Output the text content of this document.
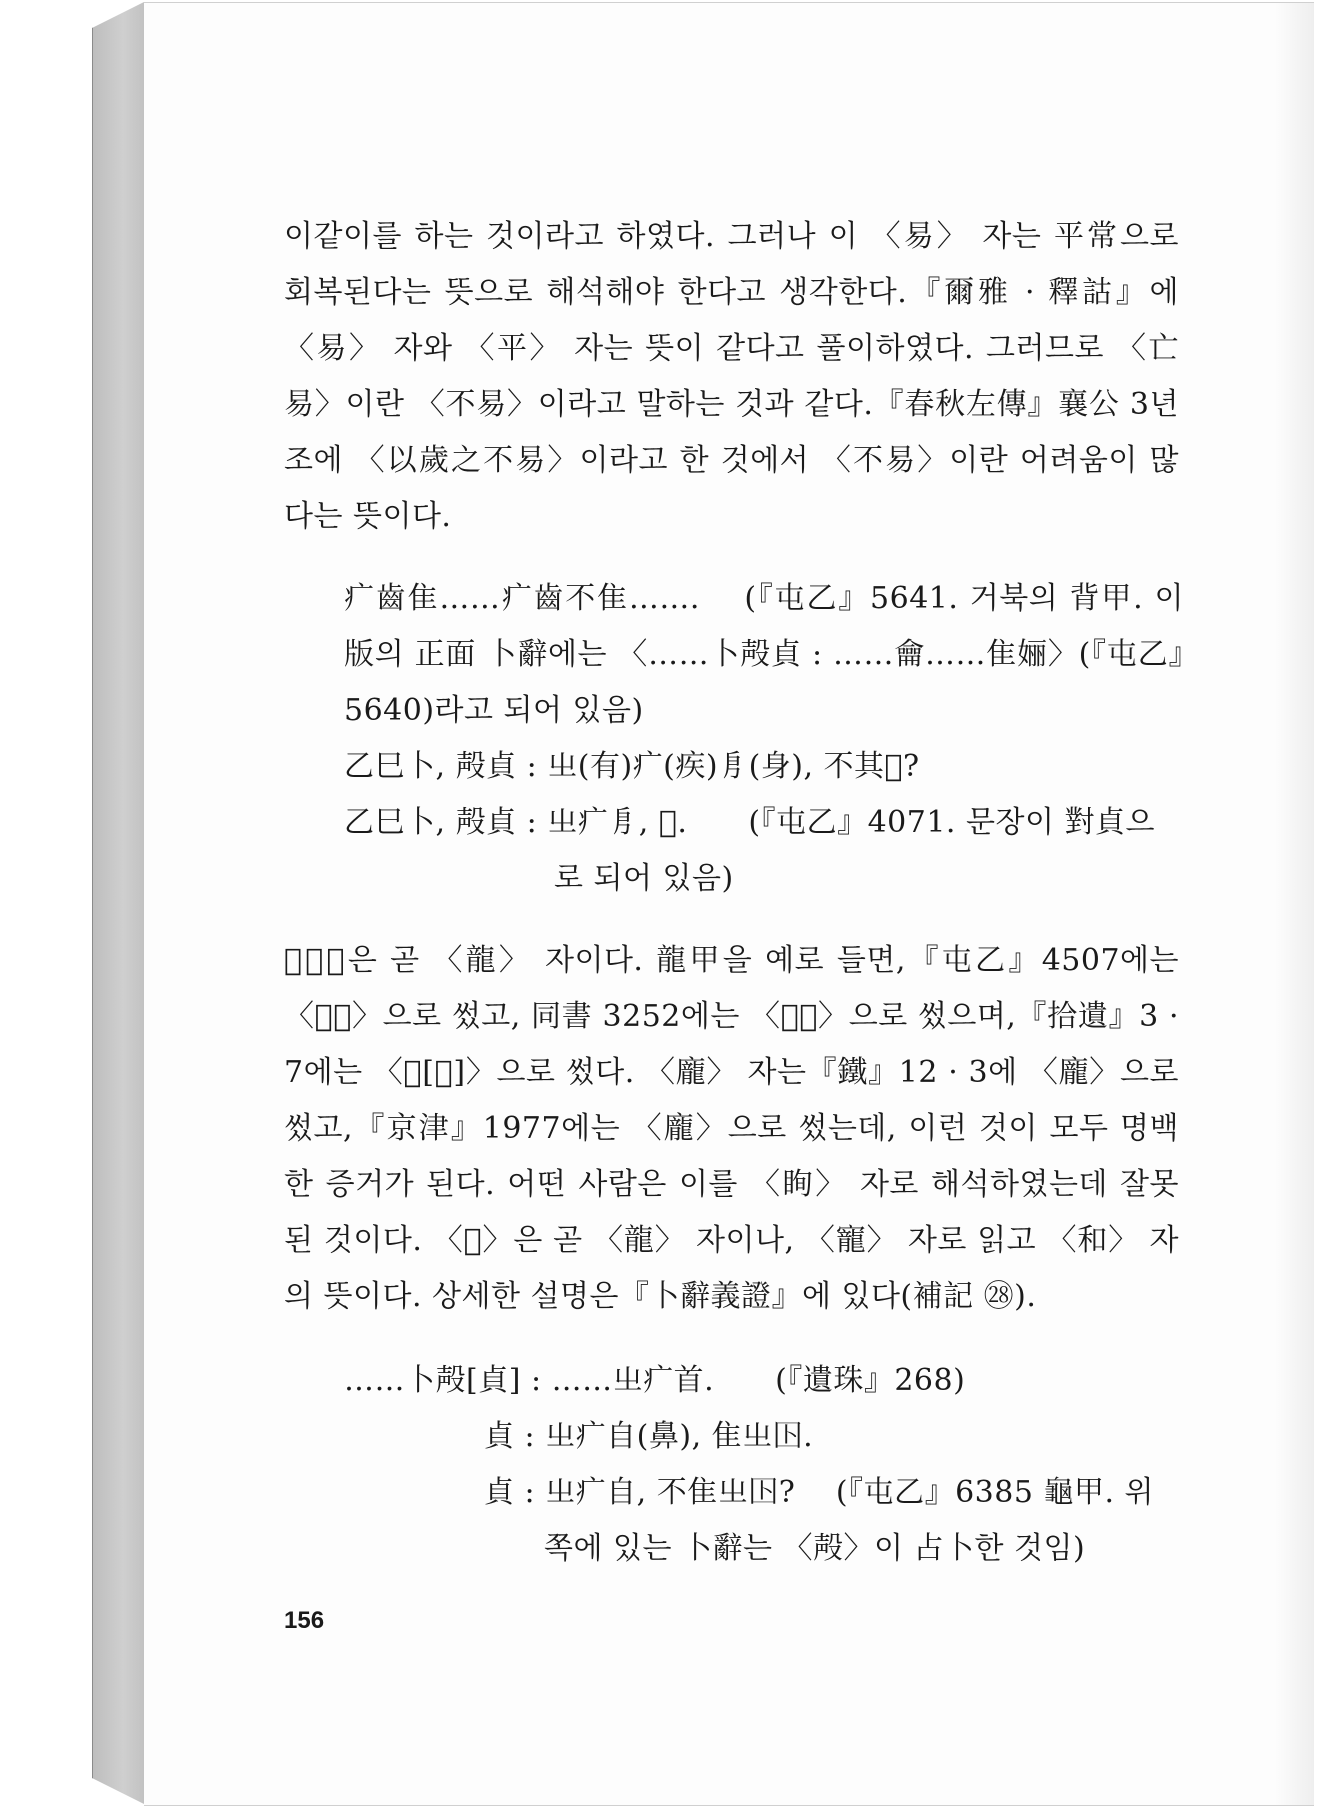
이같이를 하는 것이라고 하였다. 그러나 이 〈易〉 자는 平常으로 회복된다는 뜻으로 해석해야 한다고 생각한다.『爾雅 · 釋詁』에 〈易〉 자와 〈平〉 자는 뜻이 같다고 풀이하였다. 그러므로 〈亡易〉이란 〈不易〉이라고 말하는 것과 같다.『春秋左傳』襄公 3년 조에 〈以歲之不易〉이라고 한 것에서 〈不易〉이란 어려움이 많다는 뜻이다.

疒齒隹……疒齒不隹…….　 (『屯乙』5641. 거북의 背甲. 이 版의 正面 卜辭에는 〈……卜殸貞 : ……龠……隹㛤〉(『屯乙』5640)라고 되어 있음)

乙巳卜, 殸貞 : 㞢(有)疒(疾)㐆(身), 不其𪓝?

乙巳卜, 殸貞 : 㞢疒㐆, 𪓝.　　(『屯乙』4071. 문장이 對貞으

로 되어 있음)

〈𪓝〉은 곧 〈龍〉 자이다. 龍甲을 예로 들면,『屯乙』4507에는 〈𪓝甲〉으로 썼고, 同書 3252에는 〈𪓝甲〉으로 썼으며,『拾遺』3 · 7에는 〈𪓝[甲]〉으로 썼다. 〈龐〉 자는『鐵』12 · 3에 〈龐〉으로 썼고,『京津』1977에는 〈龐〉으로 썼는데, 이런 것이 모두 명백한 증거가 된다. 어떤 사람은 이를 〈眴〉 자로 해석하였는데 잘못된 것이다. 〈𪓝〉은 곧 〈龍〉 자이나, 〈寵〉 자로 읽고 〈和〉 자의 뜻이다. 상세한 설명은『卜辭義證』에 있다(補記 ㉘).

……卜殸[貞] : ……㞢疒首.　　(『遺珠』268)

貞 : 㞢疒自(鼻), 隹㞢𡆥.

貞 : 㞢疒自, 不隹㞢𡆥?　 (『屯乙』6385 龜甲. 위

쪽에 있는 卜辭는 〈殸〉이 占卜한 것임)

156
